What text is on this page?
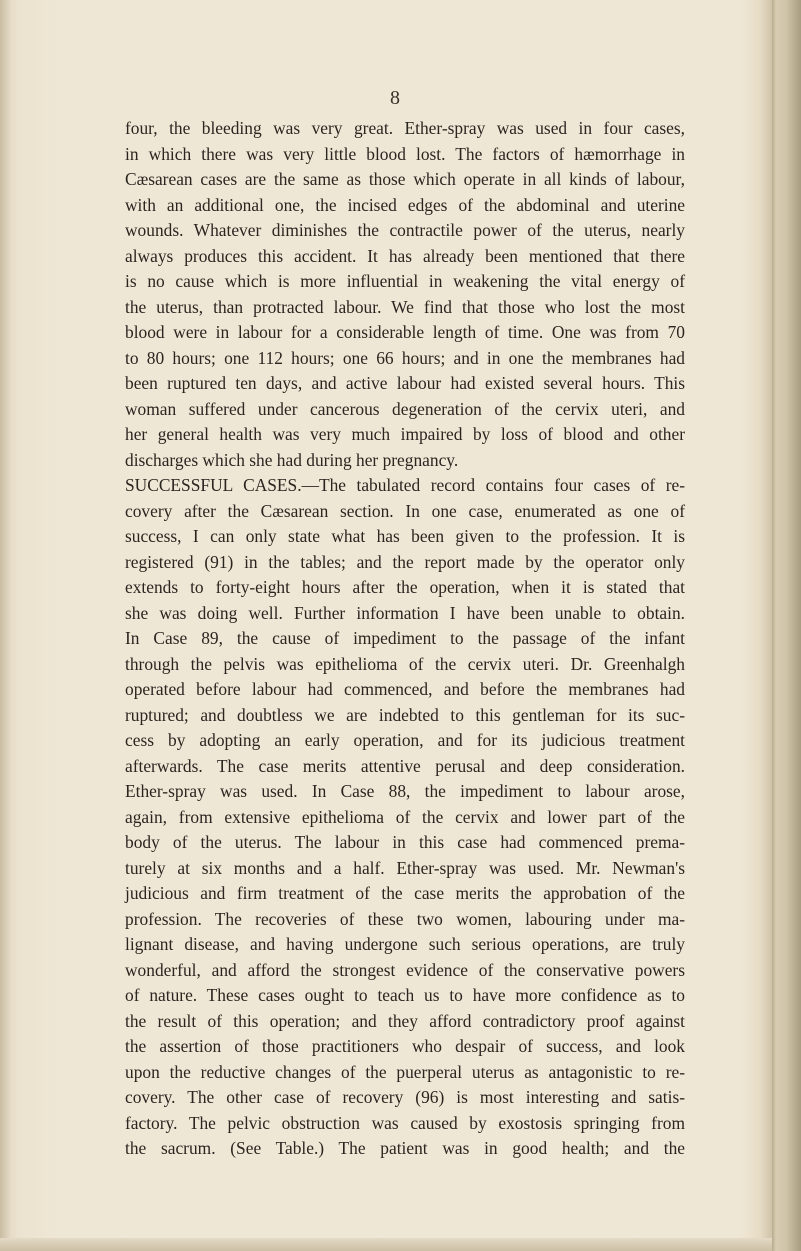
8
four, the bleeding was very great. Ether-spray was used in four cases,
in which there was very little blood lost. The factors of hæmorrhage in
Cæsarean cases are the same as those which operate in all kinds of labour,
with an additional one, the incised edges of the abdominal and uterine
wounds. Whatever diminishes the contractile power of the uterus, nearly
always produces this accident. It has already been mentioned that there
is no cause which is more influential in weakening the vital energy of
the uterus, than protracted labour. We find that those who lost the most
blood were in labour for a considerable length of time. One was from 70
to 80 hours; one 112 hours; one 66 hours; and in one the membranes had
been ruptured ten days, and active labour had existed several hours. This
woman suffered under cancerous degeneration of the cervix uteri, and
her general health was very much impaired by loss of blood and other
discharges which she had during her pregnancy.
SUCCESSFUL CASES.—The tabulated record contains four cases of re-
covery after the Cæsarean section. In one case, enumerated as one of
success, I can only state what has been given to the profession. It is
registered (91) in the tables; and the report made by the operator only
extends to forty-eight hours after the operation, when it is stated that
she was doing well. Further information I have been unable to obtain.
In Case 89, the cause of impediment to the passage of the infant
through the pelvis was epithelioma of the cervix uteri. Dr. Greenhalgh
operated before labour had commenced, and before the membranes had
ruptured; and doubtless we are indebted to this gentleman for its suc-
cess by adopting an early operation, and for its judicious treatment
afterwards. The case merits attentive perusal and deep consideration.
Ether-spray was used. In Case 88, the impediment to labour arose,
again, from extensive epithelioma of the cervix and lower part of the
body of the uterus. The labour in this case had commenced prema-
turely at six months and a half. Ether-spray was used. Mr. Newman's
judicious and firm treatment of the case merits the approbation of the
profession. The recoveries of these two women, labouring under ma-
lignant disease, and having undergone such serious operations, are truly
wonderful, and afford the strongest evidence of the conservative powers
of nature. These cases ought to teach us to have more confidence as to
the result of this operation; and they afford contradictory proof against
the assertion of those practitioners who despair of success, and look
upon the reductive changes of the puerperal uterus as antagonistic to re-
covery. The other case of recovery (96) is most interesting and satis-
factory. The pelvic obstruction was caused by exostosis springing from
the sacrum. (See Table.) The patient was in good health; and the
